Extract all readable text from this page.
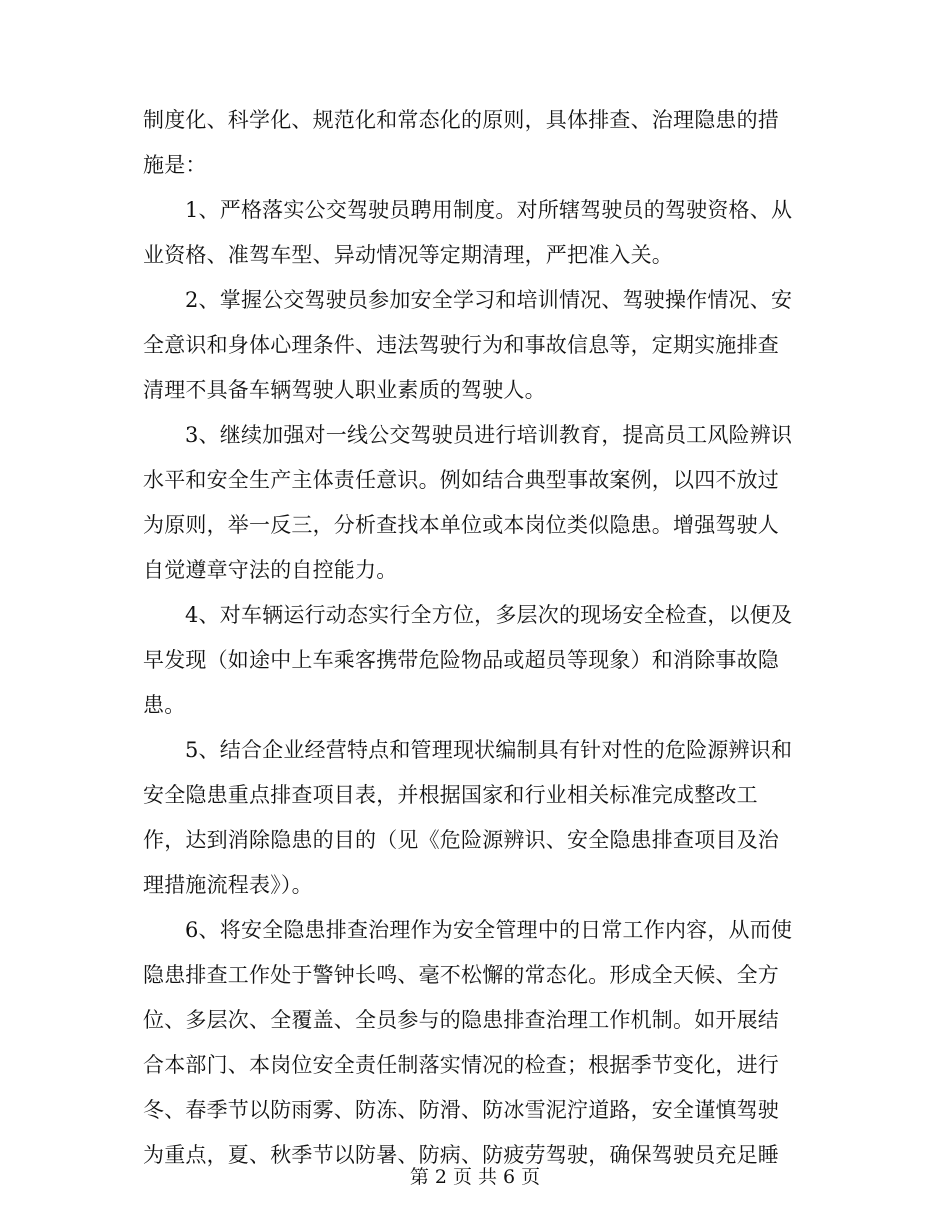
制度化、科学化、规范化和常态化的原则，具体排查、治理隐患的措
施是：
1、严格落实公交驾驶员聘用制度。对所辖驾驶员的驾驶资格、从
业资格、准驾车型、异动情况等定期清理，严把准入关。
2、掌握公交驾驶员参加安全学习和培训情况、驾驶操作情况、安
全意识和身体心理条件、违法驾驶行为和事故信息等，定期实施排查
清理不具备车辆驾驶人职业素质的驾驶人。
3、继续加强对一线公交驾驶员进行培训教育，提高员工风险辨识
水平和安全生产主体责任意识。例如结合典型事故案例，以四不放过
为原则，举一反三，分析查找本单位或本岗位类似隐患。增强驾驶人
自觉遵章守法的自控能力。
4、对车辆运行动态实行全方位，多层次的现场安全检查，以便及
早发现（如途中上车乘客携带危险物品或超员等现象）和消除事故隐
患。
5、结合企业经营特点和管理现状编制具有针对性的危险源辨识和
安全隐患重点排查项目表，并根据国家和行业相关标准完成整改工
作，达到消除隐患的目的（见《危险源辨识、安全隐患排查项目及治
理措施流程表》）。
6、将安全隐患排查治理作为安全管理中的日常工作内容，从而使
隐患排查工作处于警钟长鸣、毫不松懈的常态化。形成全天候、全方
位、多层次、全覆盖、全员参与的隐患排查治理工作机制。如开展结
合本部门、本岗位安全责任制落实情况的检查；根据季节变化，进行
冬、春季节以防雨雾、防冻、防滑、防冰雪泥泞道路，安全谨慎驾驶
为重点，夏、秋季节以防暑、防病、防疲劳驾驶，确保驾驶员充足睡
第 2 页 共 6 页
